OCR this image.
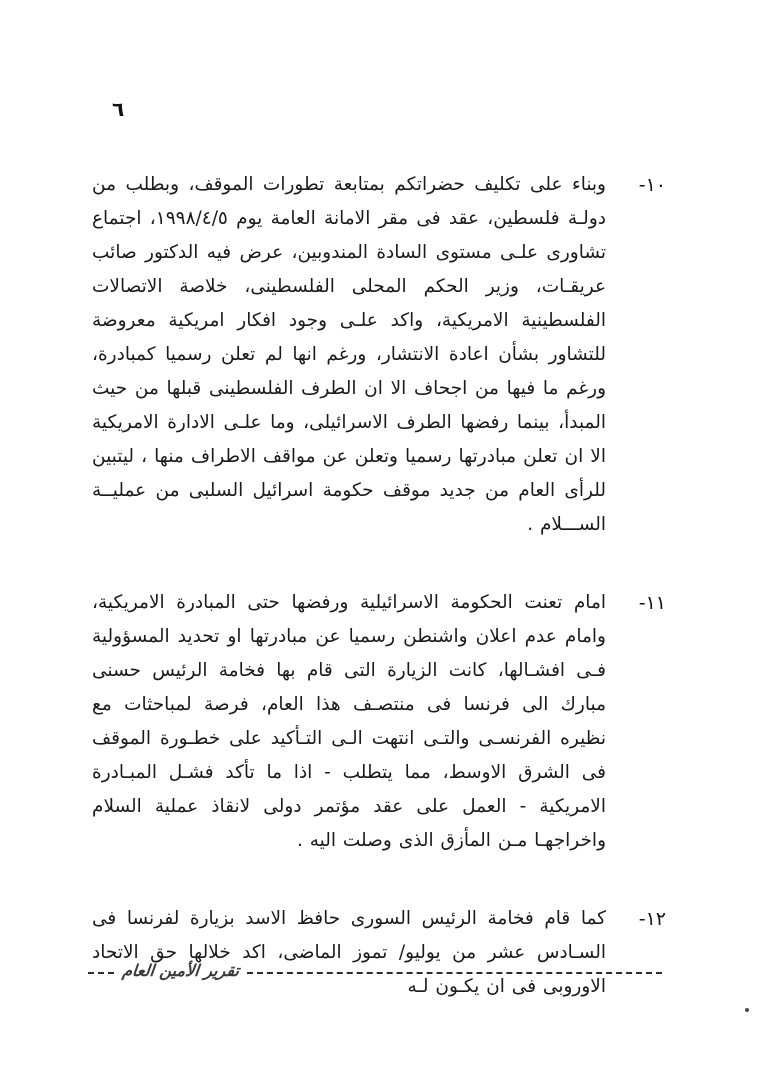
٦
١٠-
وبناء على تكليف حضراتكم بمتابعة تطورات الموقف، وبطلب من دولـة فلسطين، عقد فى مقر الامانة العامة يوم ١٩٩٨/٤/٥، اجتماع تشاورى علـى مستوى السادة المندوبين، عرض فيه الدكتور صائب عريقـات، وزير الحكم المحلى الفلسطينى، خلاصة الاتصالات الفلسطينية الامريكية، واكد علـى وجود افكار امريكية معروضة للتشاور بشأن اعادة الانتشار، ورغم انها لم تعلن رسميا كمبادرة، ورغم ما فيها من اجحاف الا ان الطرف الفلسطينى قبلها من حيث المبدأ، بينما رفضها الطرف الاسرائيلى، وما علـى الادارة الامريكية الا ان تعلن مبادرتها رسميا وتعلن عن مواقف الاطراف منها ، ليتبين للرأى العام من جديد موقف حكومة اسرائيل السلبى من عمليــة الســـلام .
١١-
امام تعنت الحكومة الاسرائيلية ورفضها حتى المبادرة الامريكية، وامام عدم اعلان واشنطن رسميا عن مبادرتها او تحديد المسؤولية فـى افشـالها، كانت الزيارة التى قام بها فخامة الرئيس حسنى مبارك الى فرنسا فى منتصـف هذا العام، فرصة لمباحثات مع نظيره الفرنسـى والتـى انتهت الـى التـأكيد على خطـورة الموقف فى الشرق الاوسط، مما يتطلب - اذا ما تأكد فشـل المبـادرة الامريكية - العمل على عقد مؤتمر دولى لانقاذ عملية السلام واخراجهـا مـن المأزق الذى وصلت اليه .
١٢-
كما قام فخامة الرئيس السورى حافظ الاسد بزيارة لفرنسا فى السـادس عشر من يوليو/ تموز الماضى، اكد خلالها حق الاتحاد الاوروبى فى ان يكـون لـه
تقرير الأمين العام
